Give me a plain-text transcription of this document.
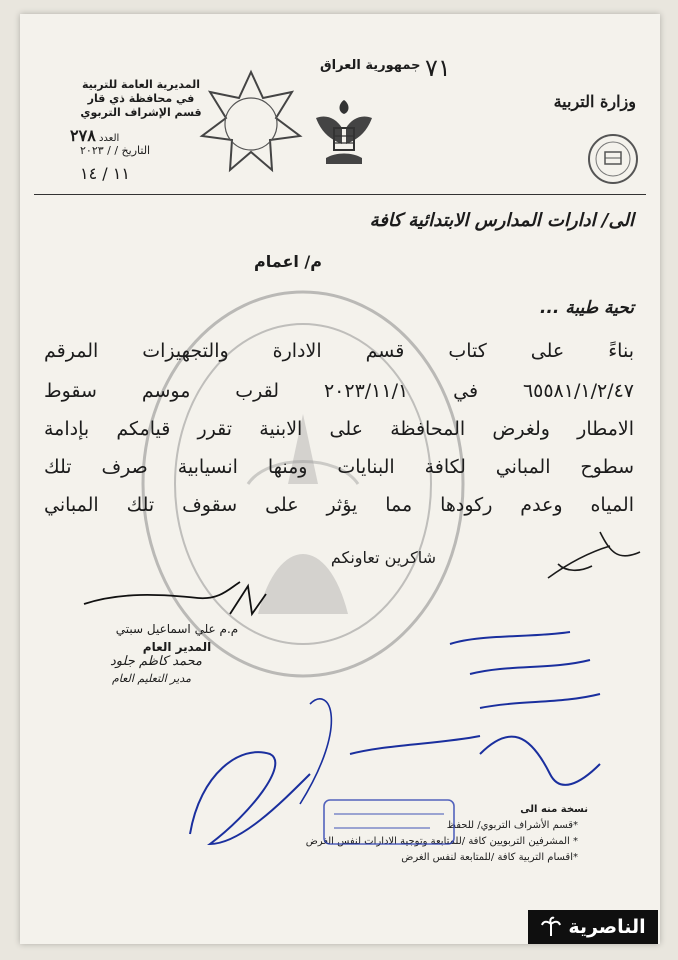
وزارة التربية
جمهورية العراق ٧١
المديرية العامة للتربية
في محافظة ذي قار
قسم الإشراف التربوي
العدد ٢٧٨
التاريخ / / ٢٠٢٣
١١ / ١٤
الى/ ادارات المدارس الابتدائية كافة
م/ اعمام
تحية طيبة ...
بناءً على كتاب قسم الادارة والتجهيزات المرقم
٦٥٥٨١/١/٢/٤٧ في ٢٠٢٣/١١/١ لقرب موسم سقوط
الامطار ولغرض المحافظة على الابنية تقرر قيامكم بإدامة
سطوح المباني لكافة البنايات ومنها انسيابية صرف تلك
المياه وعدم ركودها مما يؤثر على سقوف تلك المباني
شاكرين تعاونكم
م.م علي اسماعيل سبتي
المدير العام
محمد كاظم جلود
مدير التعليم العام
نسخة منه الى
*قسم الأشراف التربوي/ للحفظ
* المشرفين التربويين كافة /للمتابعة وتوجية الادارات لنفس الغرض
*اقسام التربية كافة /للمتابعة لنفس الغرض
الناصرية
